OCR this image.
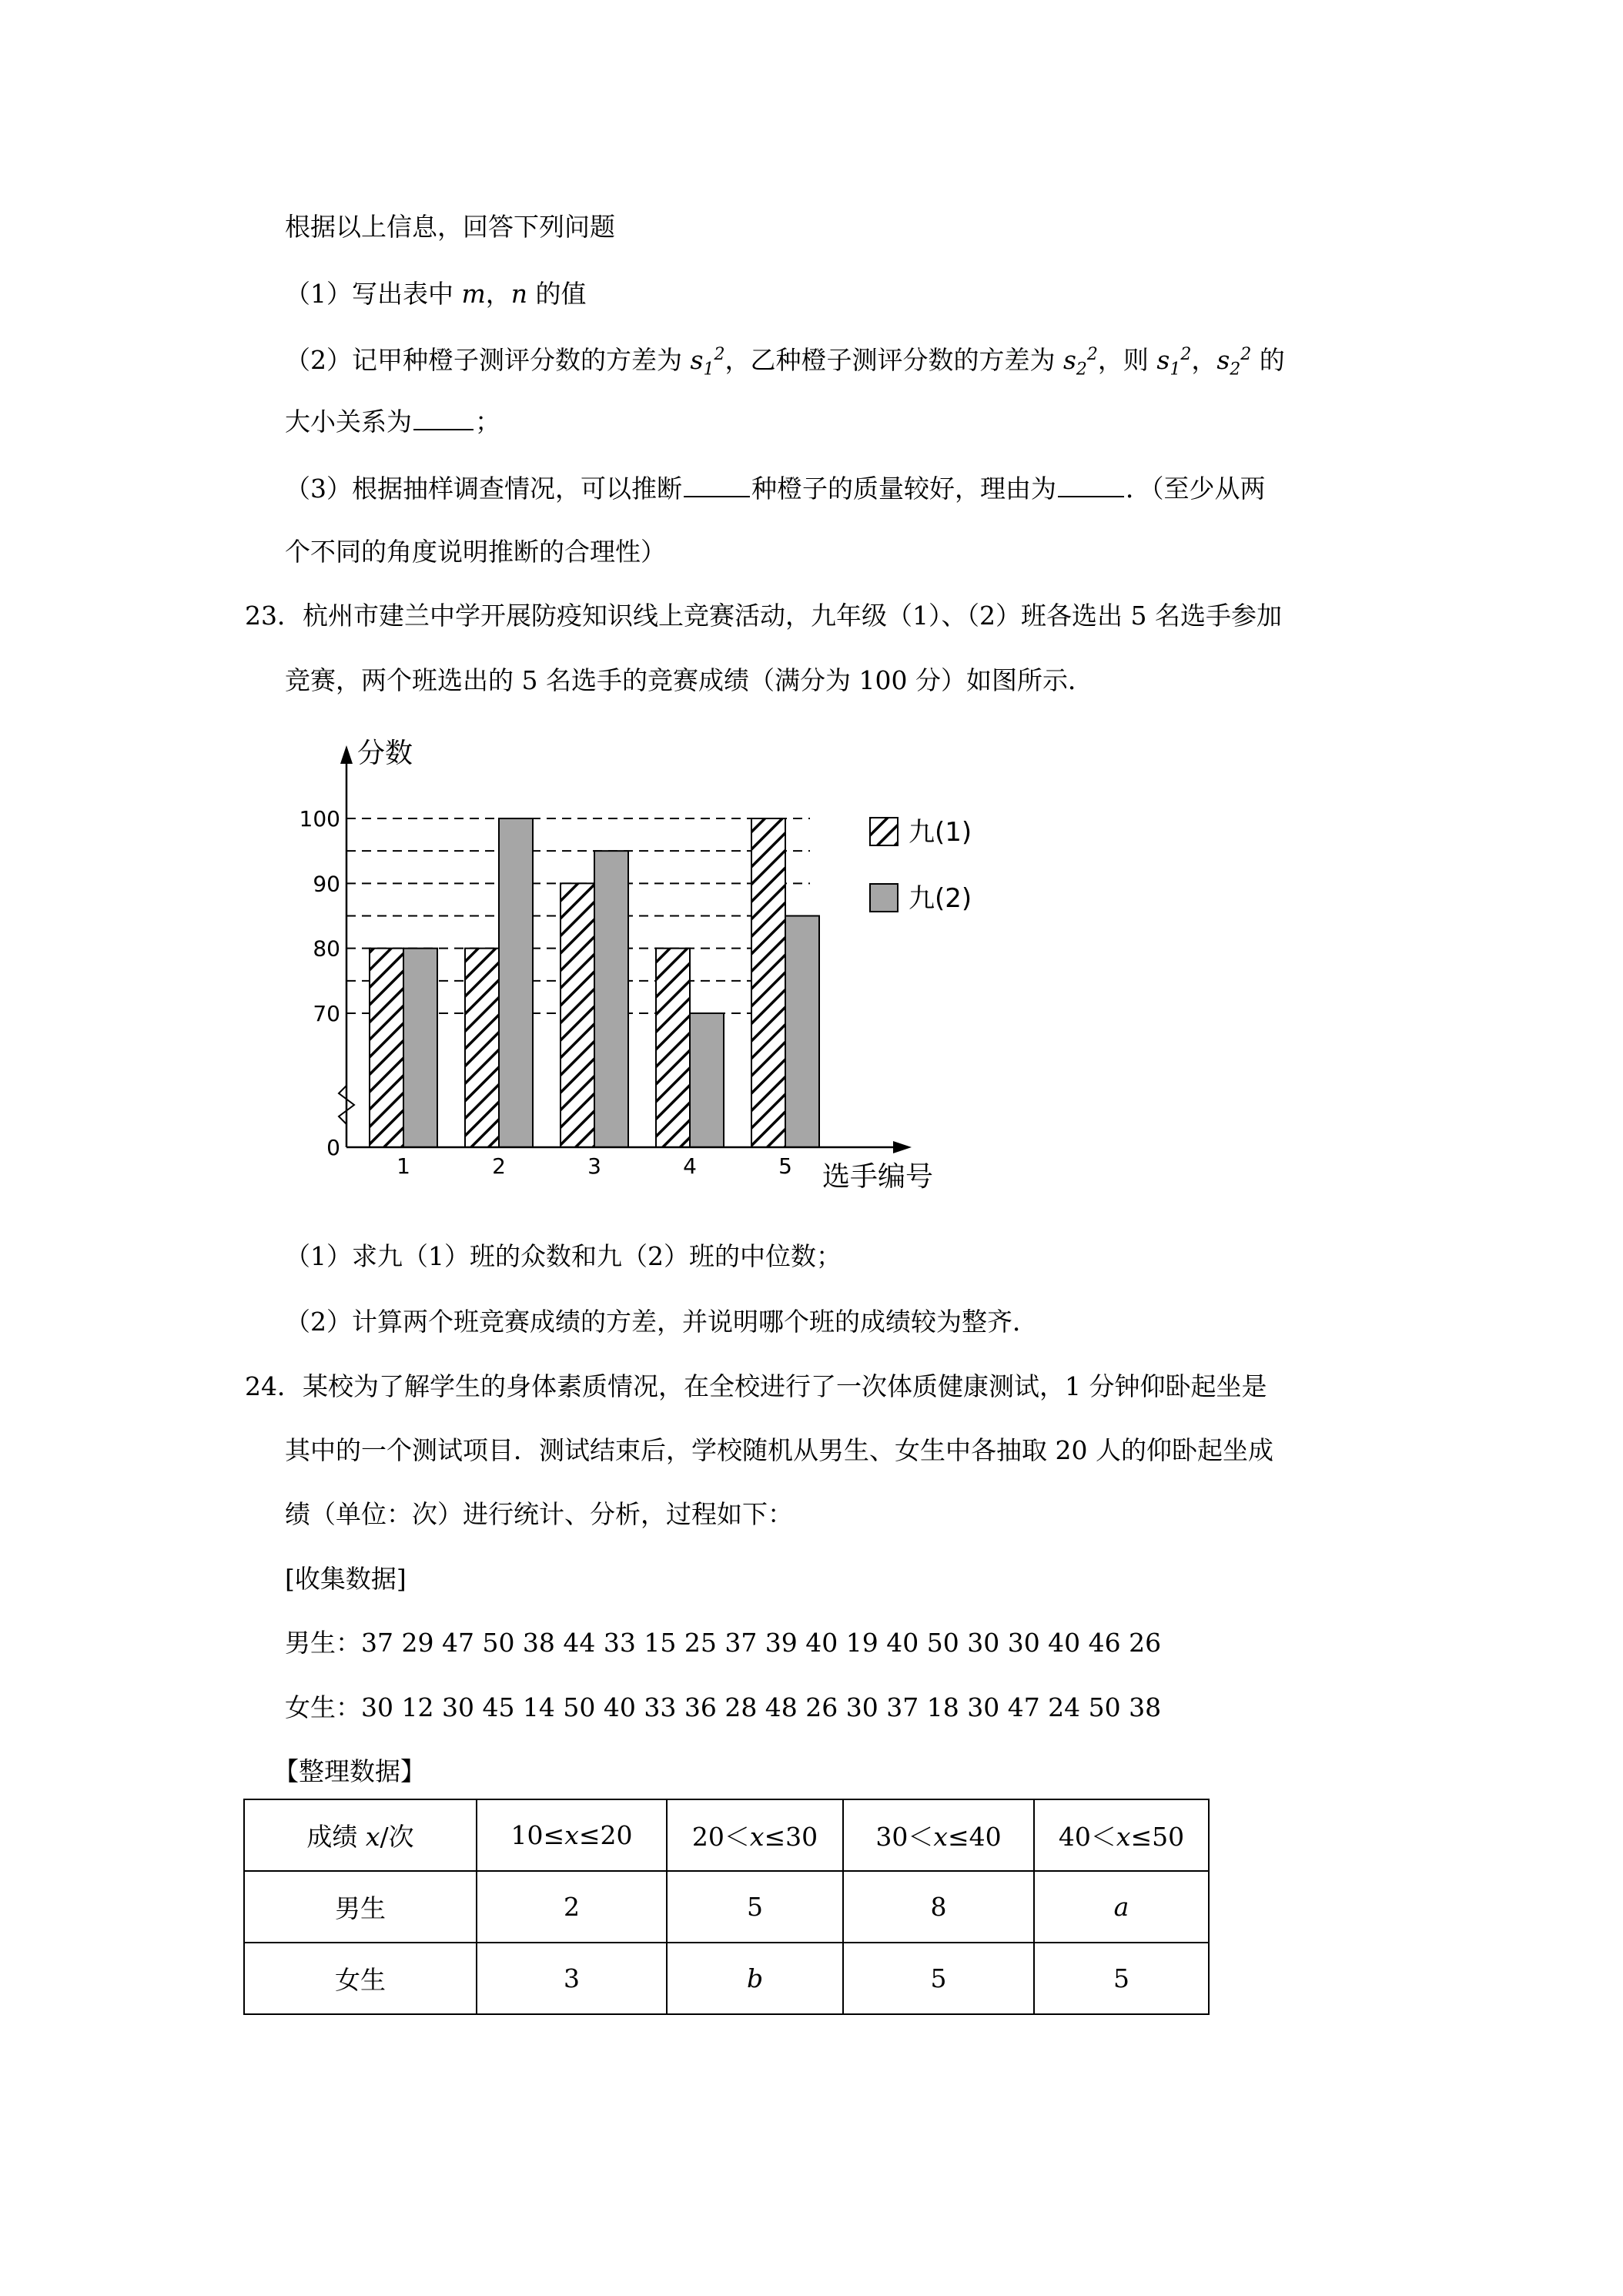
根据以上信息，回答下列问题
（1）写出表中 m，n 的值
（2）记甲种橙子测评分数的方差为 $s_1^2$，乙种橙子测评分数的方差为 $s_2^2$，则 $s_1^2$，$s_2^2$ 的
大小关系为 ；
（3）根据抽样调查情况，可以推断	种橙子的质量较好，理由为	．（至少从两
个不同的角度说明推断的合理性）
23．杭州市建兰中学开展防疫知识线上竞赛活动，九年级（1）、（2）班各选出 5 名选手参加
竞赛，两个班选出的 5 名选手的竞赛成绩（满分为 100 分）如图所示．
0
70
80
90
100
1	2	3	4	5
分数
选手编号
九(1)
九(2)
（1）求九（1）班的众数和九（2）班的中位数；
（2）计算两个班竞赛成绩的方差，并说明哪个班的成绩较为整齐．
24．某校为了解学生的身体素质情况，在全校进行了一次体质健康测试，1 分钟仰卧起坐是
其中的一个测试项目．测试结束后，学校随机从男生、女生中各抽取 20 人的仰卧起坐成
绩（单位：次）进行统计、分析，过程如下：
[收集数据]
男生：37 29 47 50 38 44 33 15 25 37 39 40 19 40 50 30 30 40 46 26
女生：30 12 30 45 14 50 40 33 36 28 48 26 30 37 18 30 47 24 50 38
【整理数据】
成绩 x/次	10≤x≤20	20＜x≤30	30＜x≤40	40＜x≤50
男生	2	5	8	a
女生	3	b	5	5
